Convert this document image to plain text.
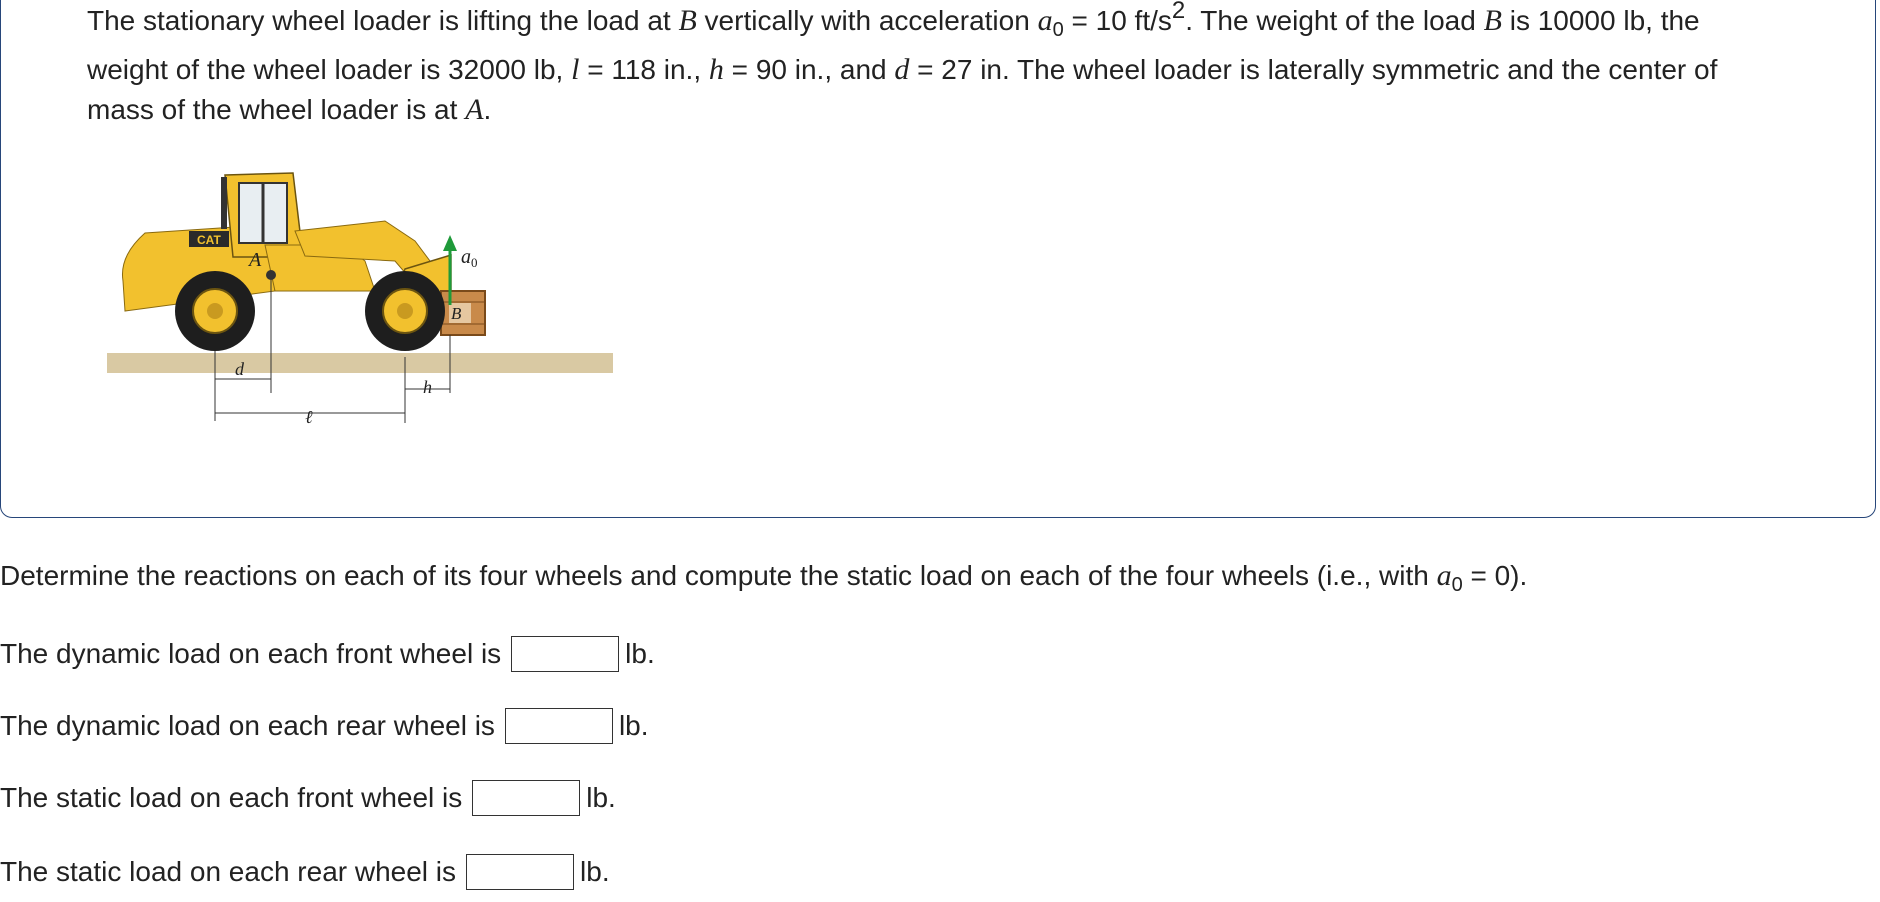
The stationary wheel loader is lifting the load at B vertically with acceleration $a_0 = 10$ $ft/s^2$. The weight of the load B is 10000 lb, the weight of the wheel loader is 32000 lb, l = 118 in., h = 90 in., and d = 27 in. The wheel loader is laterally symmetric and the center of mass of the wheel loader is at A.
CAT
B
$a_0$
A
d
ℓ
h
Determine the reactions on each of its four wheels and compute the static load on each of the four wheels (i.e., with $a_0 = 0$).
The dynamic load on each front wheel is	lb.
The dynamic load on each rear wheel is	lb.
The static load on each front wheel is	lb.
The static load on each rear wheel is	lb.
